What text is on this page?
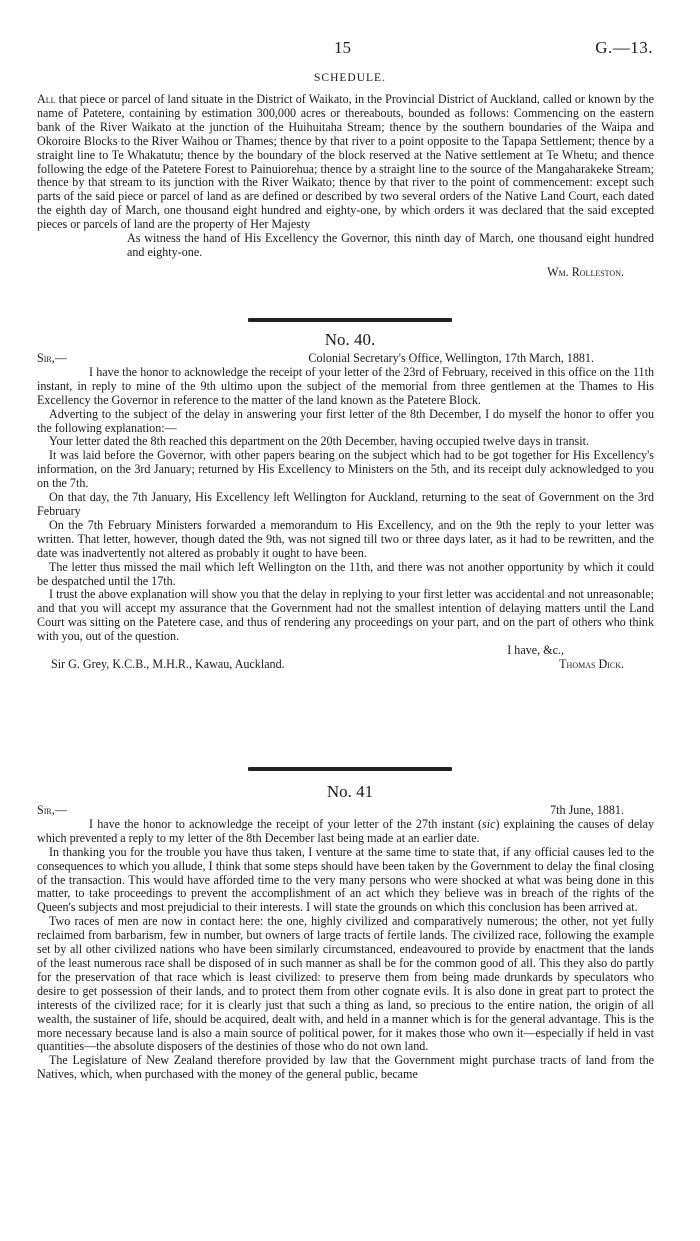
15	G.—13.
SCHEDULE.

All that piece or parcel of land situate in the District of Waikato, in the Provincial District of Auckland, called or known by the name of Patetere, containing by estimation 300,000 acres or thereabouts, bounded as follows: Commencing on the eastern bank of the River Waikato at the junction of the Huihuitaha Stream; thence by the southern boundaries of the Waipa and Okoroire Blocks to the River Waihou or Thames; thence by that river to a point opposite to the Tapapa Settlement; thence by a straight line to Te Whakatutu; thence by the boundary of the block reserved at the Native settlement at Te Whetu; and thence following the edge of the Patetere Forest to Painuiorehua; thence by a straight line to the source of the Mangaharakeke Stream; thence by that stream to its junction with the River Waikato; thence by that river to the point of commencement: except such parts of the said piece or parcel of land as are defined or described by two several orders of the Native Land Court, each dated the eighth day of March, one thousand eight hundred and eighty-one, by which orders it was declared that the said excepted pieces or parcels of land are the property of Her Majesty

As witness the hand of His Excellency the Governor, this ninth day of March, one thousand eight hundred and eighty-one.

Wm. Rolleston.

No. 40.
Sir,—	Colonial Secretary's Office, Wellington, 17th March, 1881.

I have the honor to acknowledge the receipt of your letter of the 23rd of February, received in this office on the 11th instant, in reply to mine of the 9th ultimo upon the subject of the memorial from three gentlemen at the Thames to His Excellency the Governor in reference to the matter of the land known as the Patetere Block.

Adverting to the subject of the delay in answering your first letter of the 8th December, I do myself the honor to offer you the following explanation:—

Your letter dated the 8th reached this department on the 20th December, having occupied twelve days in transit.

It was laid before the Governor, with other papers bearing on the subject which had to be got together for His Excellency's information, on the 3rd January; returned by His Excellency to Ministers on the 5th, and its receipt duly acknowledged to you on the 7th.

On that day, the 7th January, His Excellency left Wellington for Auckland, returning to the seat of Government on the 3rd February

On the 7th February Ministers forwarded a memorandum to His Excellency, and on the 9th the reply to your letter was written. That letter, however, though dated the 9th, was not signed till two or three days later, as it had to be rewritten, and the date was inadvertently not altered as probably it ought to have been.

The letter thus missed the mail which left Wellington on the 11th, and there was not another opportunity by which it could be despatched until the 17th.

I trust the above explanation will show you that the delay in replying to your first letter was accidental and not unreasonable; and that you will accept my assurance that the Government had not the smallest intention of delaying matters until the Land Court was sitting on the Patetere case, and thus of rendering any proceedings on your part, and on the part of others who think with you, out of the question.

I have, &c.,

Sir G. Grey, K.C.B., M.H.R., Kawau, Auckland.	Thomas Dick.
No. 41
Sir,—	7th June, 1881.

I have the honor to acknowledge the receipt of your letter of the 27th instant (sic) explaining the causes of delay which prevented a reply to my letter of the 8th December last being made at an earlier date.

In thanking you for the trouble you have thus taken, I venture at the same time to state that, if any official causes led to the consequences to which you allude, I think that some steps should have been taken by the Government to delay the final closing of the transaction. This would have afforded time to the very many persons who were shocked at what was being done in this matter, to take proceedings to prevent the accomplishment of an act which they believe was in breach of the rights of the Queen's subjects and most prejudicial to their interests. I will state the grounds on which this conclusion has been arrived at.

Two races of men are now in contact here: the one, highly civilized and comparatively numerous; the other, not yet fully reclaimed from barbarism, few in number, but owners of large tracts of fertile lands. The civilized race, following the example set by all other civilized nations who have been similarly circumstanced, endeavoured to provide by enactment that the lands of the least numerous race shall be disposed of in such manner as shall be for the common good of all. This they also do partly for the preservation of that race which is least civilized: to preserve them from being made drunkards by speculators who desire to get possession of their lands, and to protect them from other cognate evils. It is also done in great part to protect the interests of the civilized race; for it is clearly just that such a thing as land, so precious to the entire nation, the origin of all wealth, the sustainer of life, should be acquired, dealt with, and held in a manner which is for the general advantage. This is the more necessary because land is also a main source of political power, for it makes those who own it—especially if held in vast quantities—the absolute disposers of the destinies of those who do not own land.

The Legislature of New Zealand therefore provided by law that the Government might purchase tracts of land from the Natives, which, when purchased with the money of the general public, became
